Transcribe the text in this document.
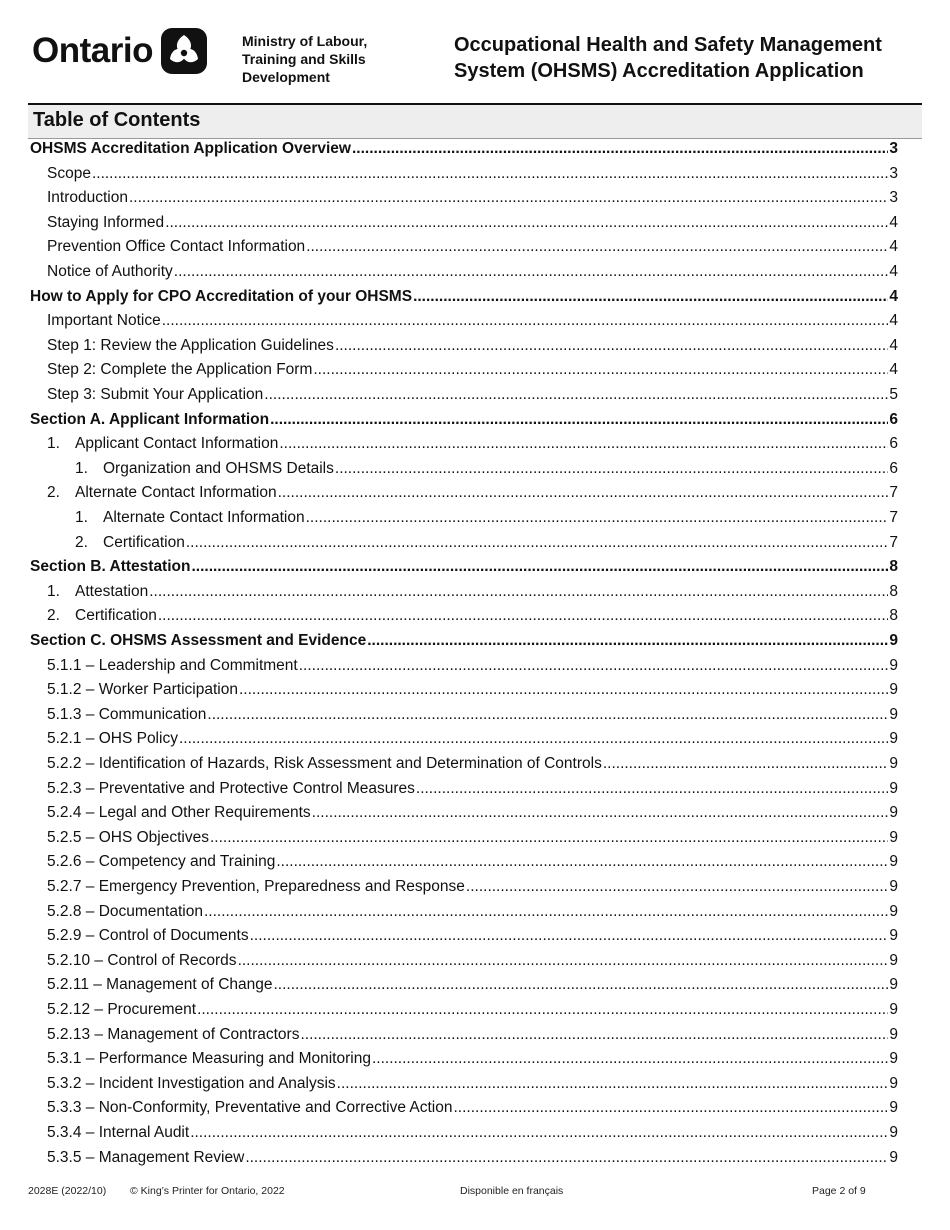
Ontario	Ministry of Labour,
Training and Skills
Development
Occupational Health and Safety Management
System (OHSMS) Accreditation Application
Table of Contents
OHSMS Accreditation Application Overview .....	3
Scope .....	3
Introduction .....	3
Staying Informed .....	4
Prevention Office Contact Information .....	4
Notice of Authority .....	4
How to Apply for CPO Accreditation of your OHSMS .....	4
Important Notice .....	4
Step 1: Review the Application Guidelines .....	4
Step 2: Complete the Application Form .....	4
Step 3: Submit Your Application .....	5
Section A. Applicant Information .....	6
1. Applicant Contact Information .....	6
1. Organization and OHSMS Details .....	6
2. Alternate Contact Information .....	7
1. Alternate Contact Information .....	7
2. Certification .....	7
Section B. Attestation .....	8
1. Attestation .....	8
2. Certification .....	8
Section C. OHSMS Assessment and Evidence .....	9
5.1.1 – Leadership and Commitment .....	9
5.1.2 – Worker Participation .....	9
5.1.3 – Communication .....	9
5.2.1 – OHS Policy .....	9
5.2.2 – Identification of Hazards, Risk Assessment and Determination of Controls .....	9
5.2.3 – Preventative and Protective Control Measures .....	9
5.2.4 – Legal and Other Requirements .....	9
5.2.5 – OHS Objectives .....	9
5.2.6 – Competency and Training .....	9
5.2.7 – Emergency Prevention, Preparedness and Response .....	9
5.2.8 – Documentation .....	9
5.2.9 – Control of Documents .....	9
5.2.10 – Control of Records .....	9
5.2.11 – Management of Change .....	9
5.2.12 – Procurement .....	9
5.2.13 – Management of Contractors .....	9
5.3.1 – Performance Measuring and Monitoring .....	9
5.3.2 – Incident Investigation and Analysis .....	9
5.3.3 – Non-Conformity, Preventative and Corrective Action .....	9
5.3.4 – Internal Audit .....	9
5.3.5 – Management Review .....	9
2028E (2022/10) © King’s Printer for Ontario, 2022	Disponible en français	Page 2 of 9
